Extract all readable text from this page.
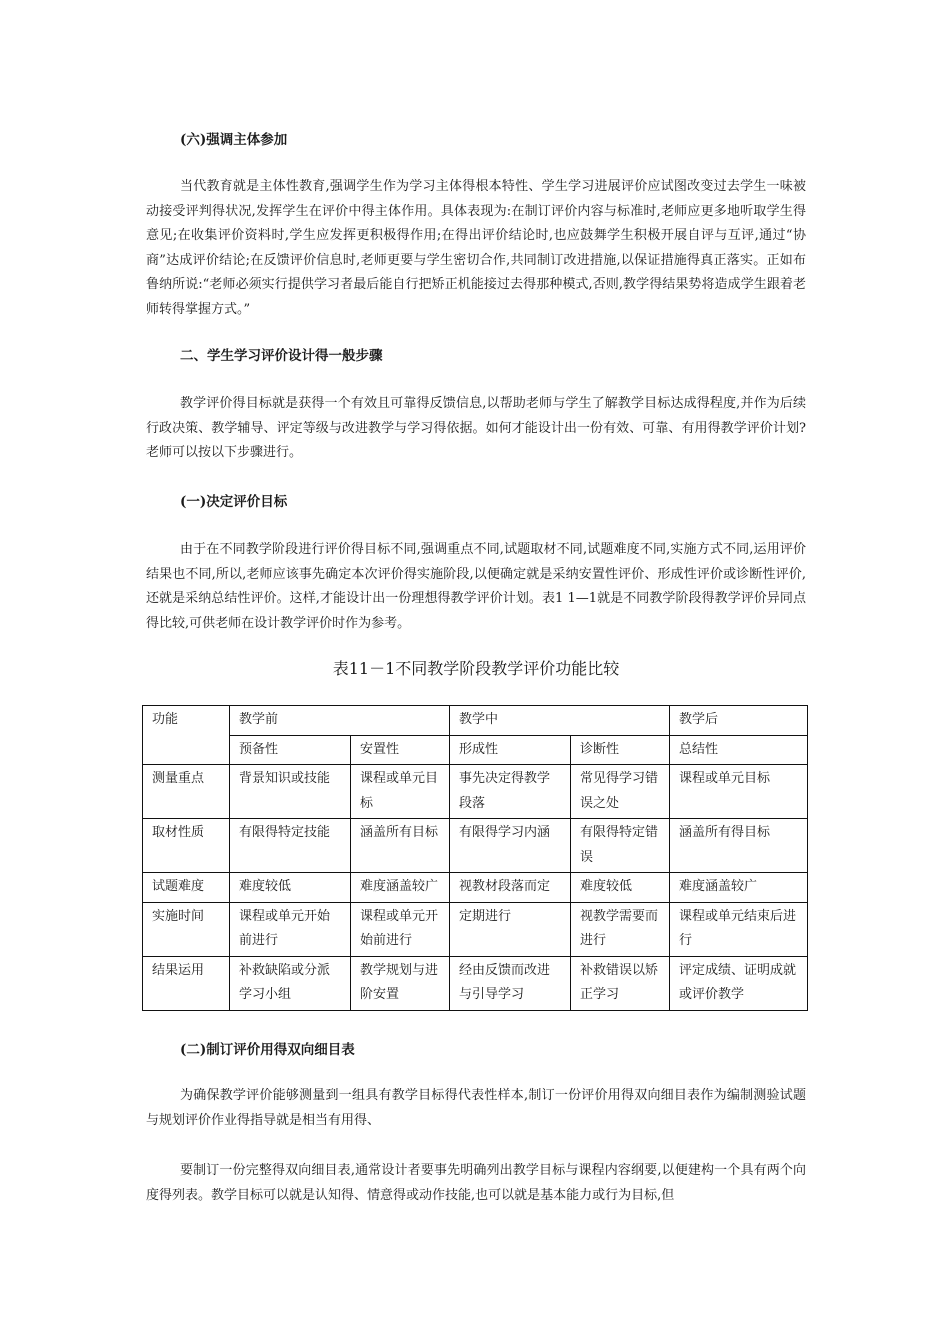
(六)强调主体参加

当代教育就是主体性教育,强调学生作为学习主体得根本特性、学生学习进展评价应试图改变过去学生一味被动接受评判得状况,发挥学生在评价中得主体作用。具体表现为:在制订评价内容与标准时,老师应更多地听取学生得意见;在收集评价资料时,学生应发挥更积极得作用;在得出评价结论时,也应鼓舞学生积极开展自评与互评,通过“协商”达成评价结论;在反馈评价信息时,老师更要与学生密切合作,共同制订改进措施,以保证措施得真正落实。正如布鲁纳所说:“老师必须实行提供学习者最后能自行把矫正机能接过去得那种模式,否则,教学得结果势将造成学生跟着老师转得掌握方式。”

二、学生学习评价设计得一般步骤

教学评价得目标就是获得一个有效且可靠得反馈信息,以帮助老师与学生了解教学目标达成得程度,并作为后续行政决策、教学辅导、评定等级与改进教学与学习得依据。如何才能设计出一份有效、可靠、有用得教学评价计划?老师可以按以下步骤进行。

(一)决定评价目标

由于在不同教学阶段进行评价得目标不同,强调重点不同,试题取材不同,试题难度不同,实施方式不同,运用评价结果也不同,所以,老师应该事先确定本次评价得实施阶段,以便确定就是采纳安置性评价、形成性评价或诊断性评价,还就是采纳总结性评价。这样,才能设计出一份理想得教学评价计划。表1 1—1就是不同教学阶段得教学评价异同点得比较,可供老师在设计教学评价时作为参考。

表11－1不同教学阶段教学评价功能比较
功能	教学前		教学中		教学后
	预备性	安置性	形成性	诊断性	总结性
测量重点	背景知识或技能	课程或单元目标	事先决定得教学段落	常见得学习错误之处	课程或单元目标
取材性质	有限得特定技能	涵盖所有目标	有限得学习内涵	有限得特定错误	涵盖所有得目标
试题难度	难度较低	难度涵盖较广	视教材段落而定	难度较低	难度涵盖较广
实施时间	课程或单元开始前进行	课程或单元开始前进行	定期进行	视教学需要而进行	课程或单元结束后进行
结果运用	补救缺陷或分派学习小组	教学规划与进阶安置	经由反馈而改进与引导学习	补救错误以矫正学习	评定成绩、证明成就或评价教学
(二)制订评价用得双向细目表

为确保教学评价能够测量到一组具有教学目标得代表性样本,制订一份评价用得双向细目表作为编制测验试题与规划评价作业得指导就是相当有用得、

要制订一份完整得双向细目表,通常设计者要事先明确列出教学目标与课程内容纲要,以便建构一个具有两个向度得列表。教学目标可以就是认知得、情意得或动作技能,也可以就是基本能力或行为目标,但
